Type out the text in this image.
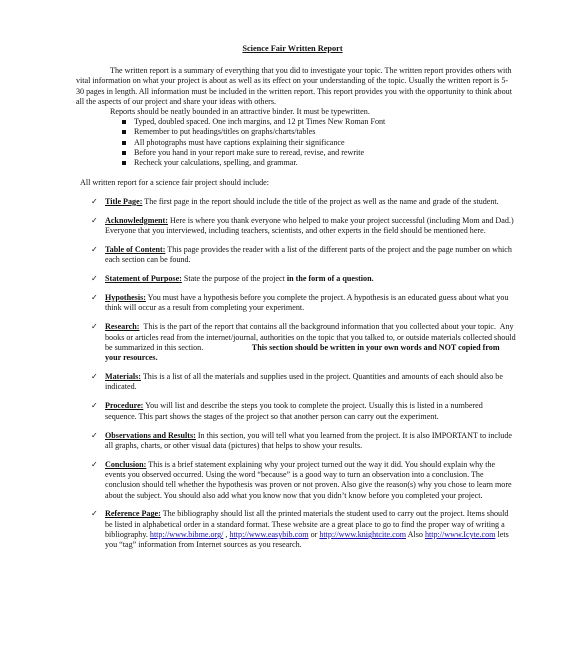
Science Fair Written Report
The written report is a summary of everything that you did to investigate your topic. The written report provides others with vital information on what your project is about as well as its effect on your understanding of the topic. Usually the written report is 5-30 pages in length. All information must be included in the written report. This report provides you with the opportunity to think about all the aspects of our project and share your ideas with others.
Reports should be neatly bounded in an attractive binder. It must be typewritten.
Typed, doubled spaced. One inch margins, and 12 pt Times New Roman Font
Remember to put headings/titles on graphs/charts/tables
All photographs must have captions explaining their significance
Before you hand in your report make sure to reread, revise, and rewrite
Recheck your calculations, spelling, and grammar.
All written report for a science fair project should include:
✓ Title Page: The first page in the report should include the title of the project as well as the name and grade of the student.
✓ Acknowledgment: Here is where you thank everyone who helped to make your project successful (including Mom and Dad.) Everyone that you interviewed, including teachers, scientists, and other experts in the field should be mentioned here.
✓ Table of Content: This page provides the reader with a list of the different parts of the project and the page number on which each section can be found.
✓ Statement of Purpose: State the purpose of the project in the form of a question.
✓ Hypothesis: You must have a hypothesis before you complete the project. A hypothesis is an educated guess about what you think will occur as a result from completing your experiment.
✓ Research:  This is the part of the report that contains all the background information that you collected about your topic.  Any books or articles read from the internet/journal, authorities on the topic that you talked to, or outside materials collected should be summarized in this section.                        This section should be written in your own words and NOT copied from your resources.
✓ Materials: This is a list of all the materials and supplies used in the project. Quantities and amounts of each should also be indicated.
✓ Procedure: You will list and describe the steps you took to complete the project. Usually this is listed in a numbered sequence. This part shows the stages of the project so that another person can carry out the experiment.
✓ Observations and Results: In this section, you will tell what you learned from the project. It is also IMPORTANT to include all graphs, charts, or other visual data (pictures) that helps to show your results.
✓ Conclusion: This is a brief statement explaining why your project turned out the way it did. You should explain why the events you observed occurred. Using the word “because” is a good way to turn an observation into a conclusion. The conclusion should tell whether the hypothesis was proven or not proven. Also give the reason(s) why you chose to learn more about the subject. You should also add what you know now that you didn’t know before you completed your project.
✓ Reference Page: The bibliography should list all the printed materials the student used to carry out the project. Items should be listed in alphabetical order in a standard format. These website are a great place to go to find the proper way of writing a bibliography. http://www.bibme.org/ , http://www.easybib.com or http://www.knightcite.com Also http://www.Icyte.com lets you “tag” information from Internet sources as you research.
